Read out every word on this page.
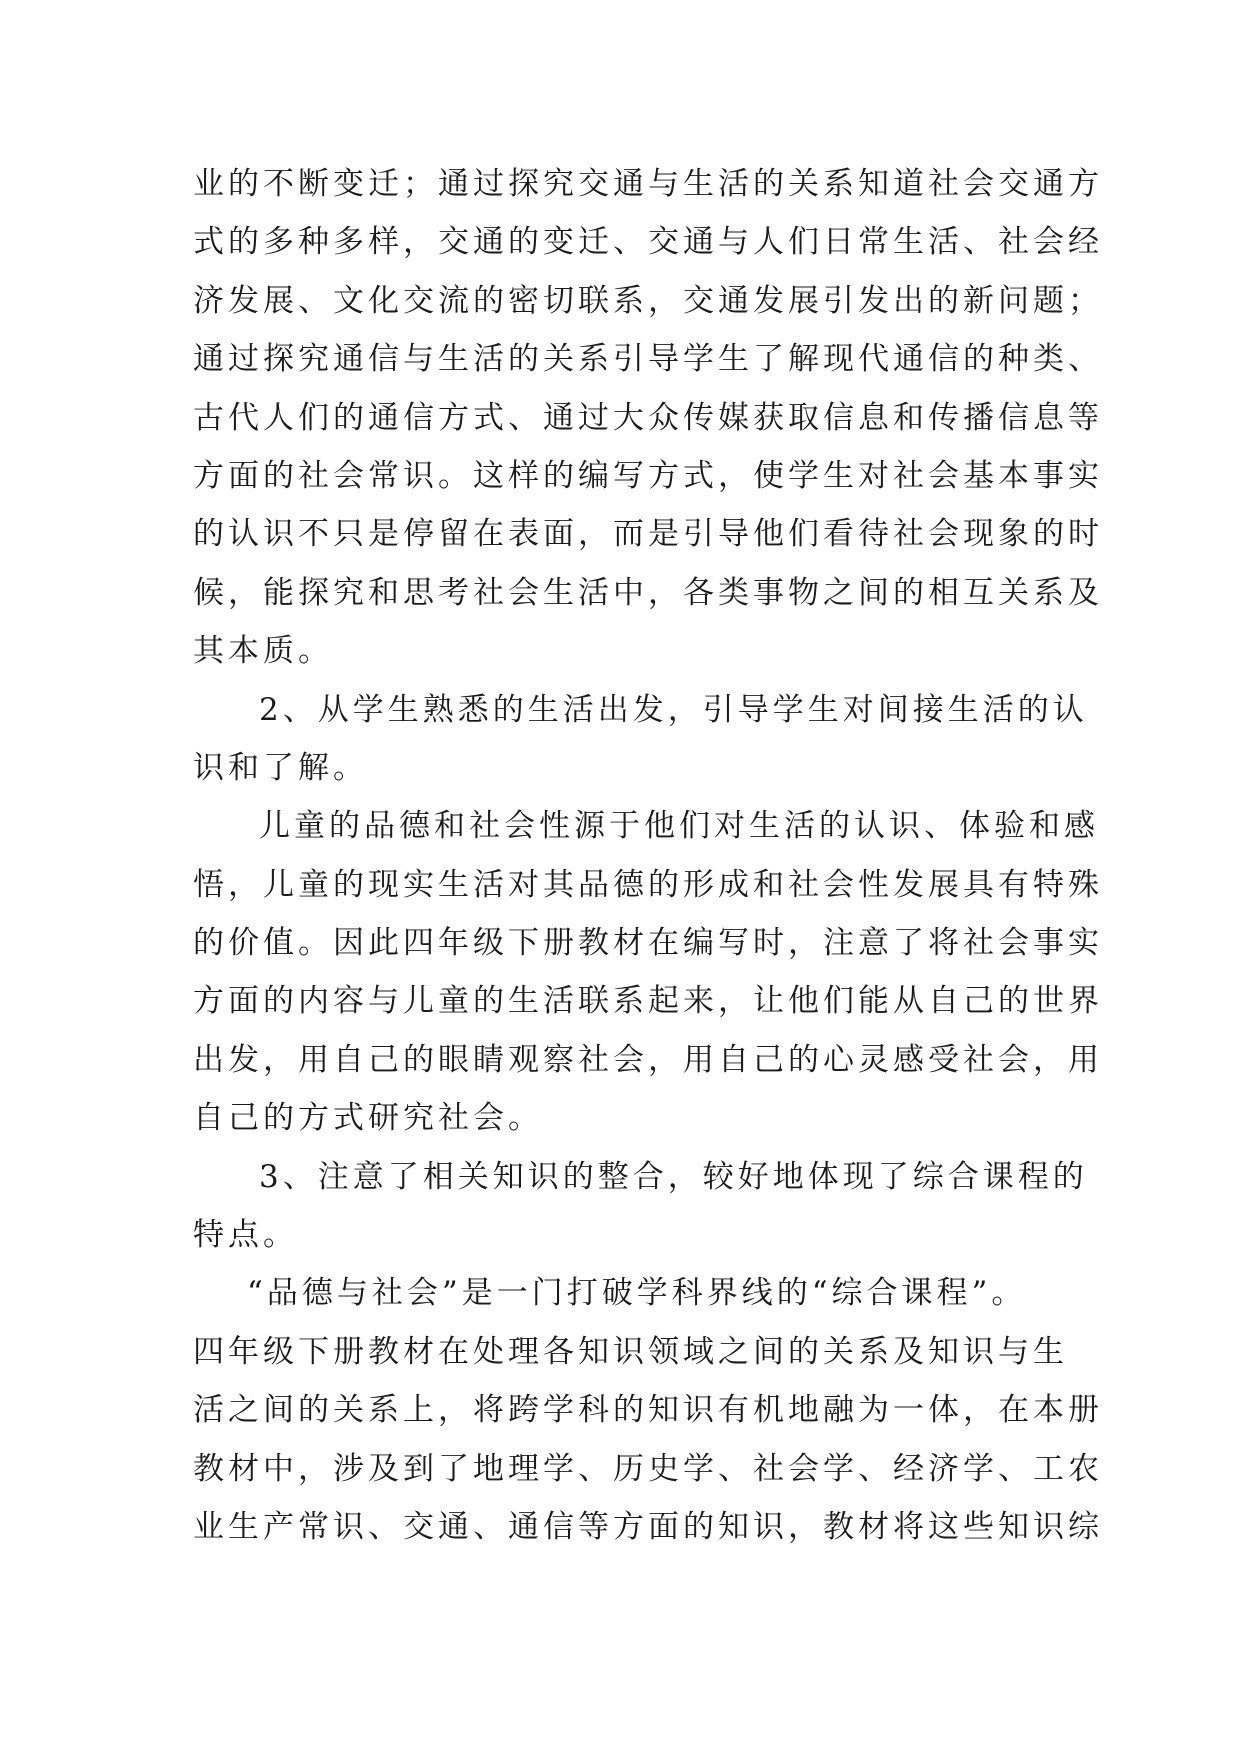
业的不断变迁；通过探究交通与生活的关系知道社会交通方
式的多种多样，交通的变迁、交通与人们日常生活、社会经
济发展、文化交流的密切联系，交通发展引发出的新问题；
通过探究通信与生活的关系引导学生了解现代通信的种类、
古代人们的通信方式、通过大众传媒获取信息和传播信息等
方面的社会常识。这样的编写方式，使学生对社会基本事实
的认识不只是停留在表面，而是引导他们看待社会现象的时
候，能探究和思考社会生活中，各类事物之间的相互关系及
其本质。
2、从学生熟悉的生活出发，引导学生对间接生活的认
识和了解。
儿童的品德和社会性源于他们对生活的认识、体验和感
悟，儿童的现实生活对其品德的形成和社会性发展具有特殊
的价值。因此四年级下册教材在编写时，注意了将社会事实
方面的内容与儿童的生活联系起来，让他们能从自己的世界
出发，用自己的眼睛观察社会，用自己的心灵感受社会，用
自己的方式研究社会。
3、注意了相关知识的整合，较好地体现了综合课程的
特点。
“品德与社会”是一门打破学科界线的“综合课程”。
四年级下册教材在处理各知识领域之间的关系及知识与生
活之间的关系上，将跨学科的知识有机地融为一体，在本册
教材中，涉及到了地理学、历史学、社会学、经济学、工农
业生产常识、交通、通信等方面的知识，教材将这些知识综
